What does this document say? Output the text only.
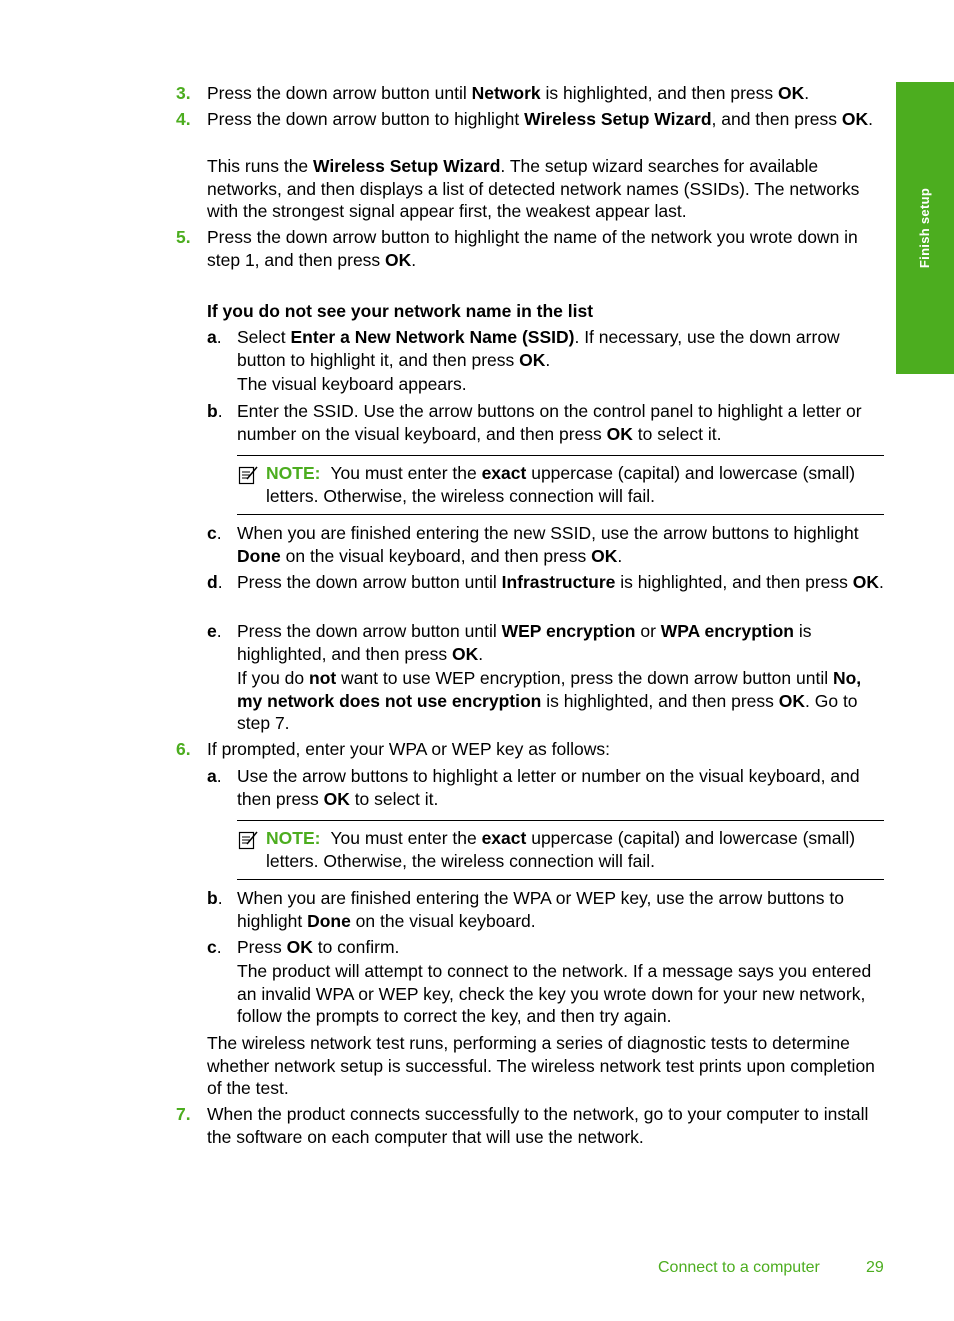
Finish setup
3. Press the down arrow button until Network is highlighted, and then press OK.
4. Press the down arrow button to highlight Wireless Setup Wizard, and then press OK.
This runs the Wireless Setup Wizard. The setup wizard searches for available networks, and then displays a list of detected network names (SSIDs). The networks with the strongest signal appear first, the weakest appear last.
5. Press the down arrow button to highlight the name of the network you wrote down in step 1, and then press OK.
If you do not see your network name in the list
a. Select Enter a New Network Name (SSID). If necessary, use the down arrow button to highlight it, and then press OK.
The visual keyboard appears.
b. Enter the SSID. Use the arrow buttons on the control panel to highlight a letter or number on the visual keyboard, and then press OK to select it.
NOTE: You must enter the exact uppercase (capital) and lowercase (small) letters. Otherwise, the wireless connection will fail.
c. When you are finished entering the new SSID, use the arrow buttons to highlight Done on the visual keyboard, and then press OK.
d. Press the down arrow button until Infrastructure is highlighted, and then press OK.
e. Press the down arrow button until WEP encryption or WPA encryption is highlighted, and then press OK.
If you do not want to use WEP encryption, press the down arrow button until No, my network does not use encryption is highlighted, and then press OK. Go to step 7.
6. If prompted, enter your WPA or WEP key as follows:
a. Use the arrow buttons to highlight a letter or number on the visual keyboard, and then press OK to select it.
NOTE: You must enter the exact uppercase (capital) and lowercase (small) letters. Otherwise, the wireless connection will fail.
b. When you are finished entering the WPA or WEP key, use the arrow buttons to highlight Done on the visual keyboard.
c. Press OK to confirm.
The product will attempt to connect to the network. If a message says you entered an invalid WPA or WEP key, check the key you wrote down for your new network, follow the prompts to correct the key, and then try again.
The wireless network test runs, performing a series of diagnostic tests to determine whether network setup is successful. The wireless network test prints upon completion of the test.
7. When the product connects successfully to the network, go to your computer to install the software on each computer that will use the network.
Connect to a computer	29
